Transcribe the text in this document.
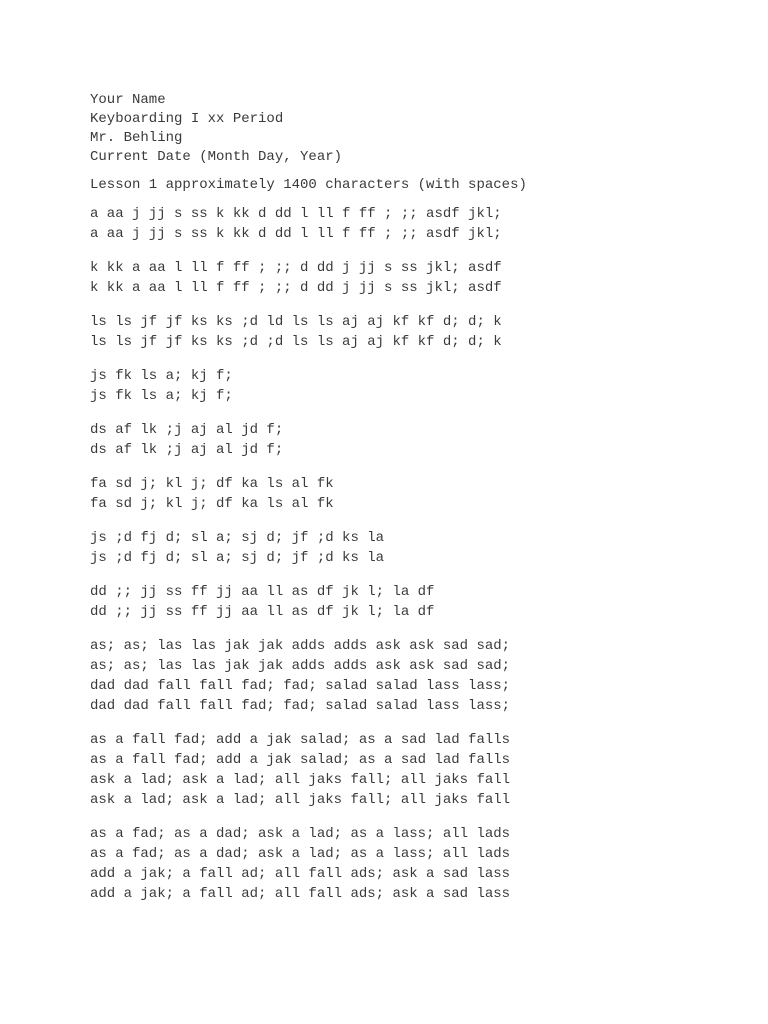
Your Name
Keyboarding I xx Period
Mr. Behling
Current Date (Month Day, Year)
Lesson 1 approximately 1400 characters (with spaces)
a aa j jj s ss k kk d dd l ll f ff ; ;; asdf jkl;
a aa j jj s ss k kk d dd l ll f ff ; ;; asdf jkl;
k kk a aa l ll f ff ; ;; d dd j jj s ss jkl; asdf
k kk a aa l ll f ff ; ;; d dd j jj s ss jkl; asdf
ls ls jf jf ks ks ;d ld ls ls aj aj kf kf d; d; k
ls ls jf jf ks ks ;d ;d ls ls aj aj kf kf d; d; k
js fk ls a; kj f;
js fk ls a; kj f;
ds af lk ;j aj al jd f;
ds af lk ;j aj al jd f;
fa sd j; kl j; df ka ls al fk
fa sd j; kl j; df ka ls al fk
js ;d fj d; sl a; sj d; jf ;d ks la
js ;d fj d; sl a; sj d; jf ;d ks la
dd ;; jj ss ff jj aa ll as df jk l; la df
dd ;; jj ss ff jj aa ll as df jk l; la df
as; as; las las jak jak adds adds ask ask sad sad;
as; as; las las jak jak adds adds ask ask sad sad;
dad dad fall fall fad; fad; salad salad lass lass;
dad dad fall fall fad; fad; salad salad lass lass;
as a fall fad; add a jak salad; as a sad lad falls
as a fall fad; add a jak salad; as a sad lad falls
ask a lad; ask a lad; all jaks fall; all jaks fall
ask a lad; ask a lad; all jaks fall; all jaks fall
as a fad; as a dad; ask a lad; as a lass; all lads
as a fad; as a dad; ask a lad; as a lass; all lads
add a jak; a fall ad; all fall ads; ask a sad lass
add a jak; a fall ad; all fall ads; ask a sad lass
